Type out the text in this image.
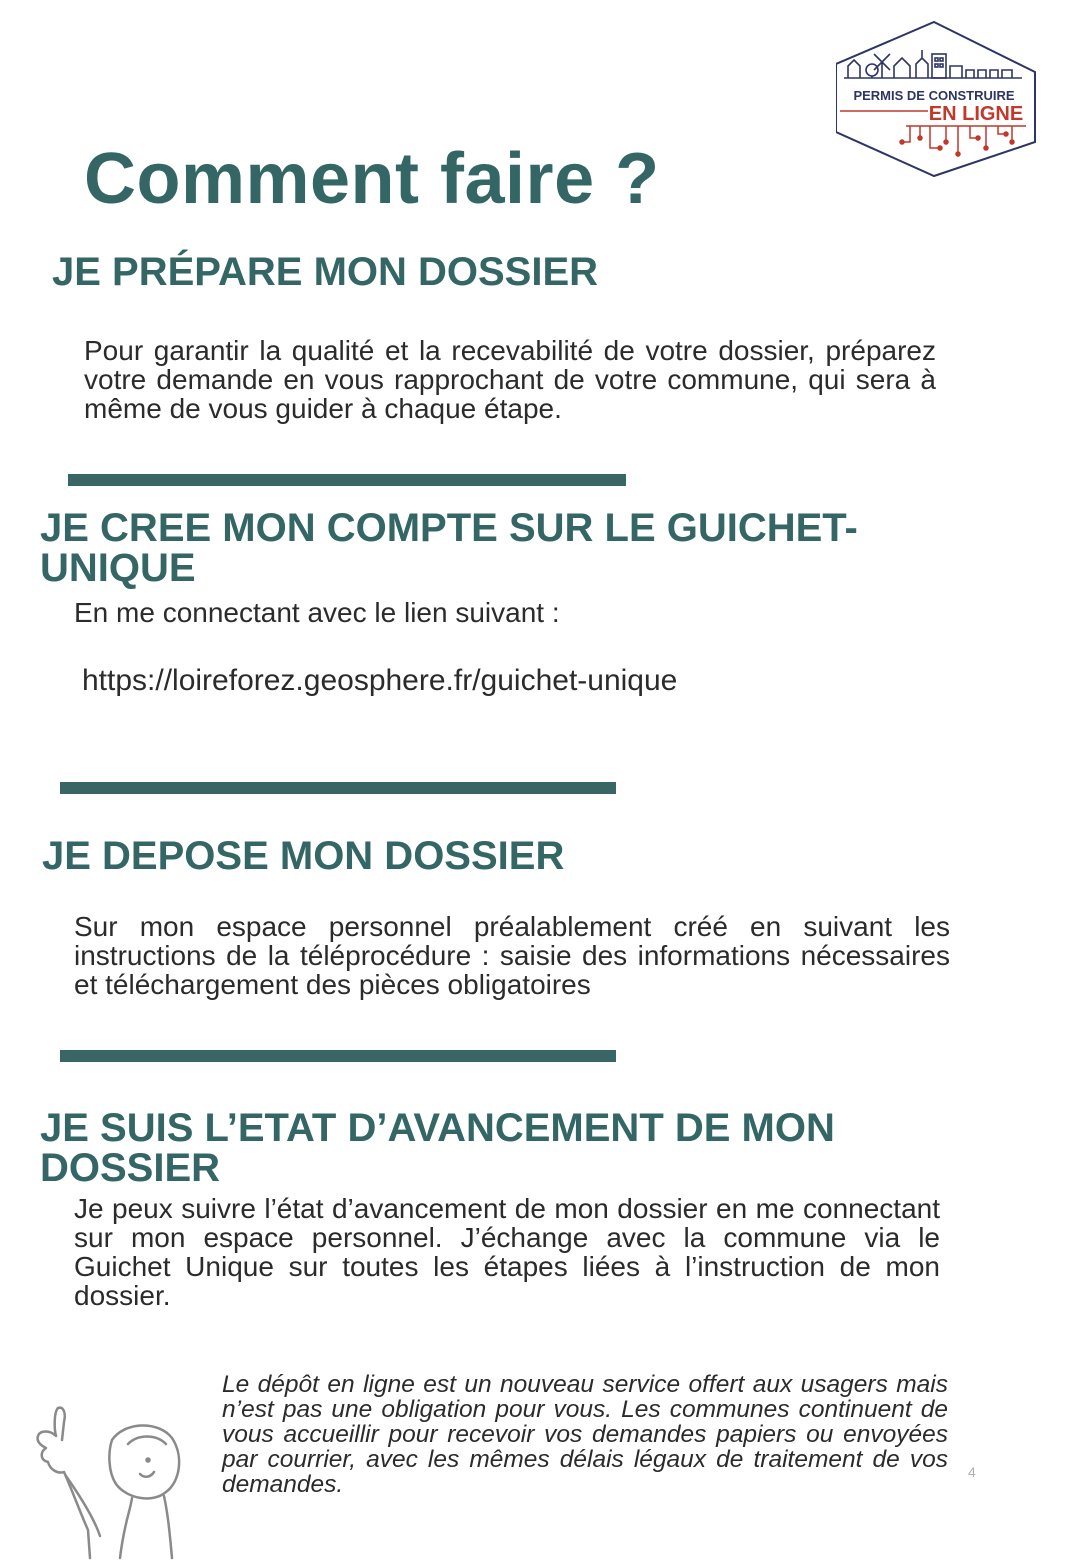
PERMIS DE CONSTRUIRE
EN LIGNE
Comment faire ?
JE PRÉPARE MON DOSSIER

Pour garantir la qualité et la recevabilité de votre dossier, préparez votre demande en vous rapprochant de votre commune, qui sera à même de vous guider à chaque étape.

JE CREE MON COMPTE SUR LE GUICHET-
UNIQUE

En me connectant avec le lien suivant :

https://loireforez.geosphere.fr/guichet-unique

JE DEPOSE MON DOSSIER

Sur mon espace personnel préalablement créé en suivant les instructions de la téléprocédure : saisie des informations nécessaires et téléchargement des pièces obligatoires

JE SUIS L’ETAT D’AVANCEMENT DE MON
DOSSIER

Je peux suivre l’état d’avancement de mon dossier en me connectant sur mon espace personnel. J’échange avec la commune via le Guichet Unique sur toutes les étapes liées à l’instruction de mon dossier.

Le dépôt en ligne est un nouveau service offert aux usagers mais n’est pas une obligation pour vous. Les communes continuent de vous accueillir pour recevoir vos demandes papiers ou envoyées par courrier, avec les mêmes délais légaux de traitement de vos demandes.	4
